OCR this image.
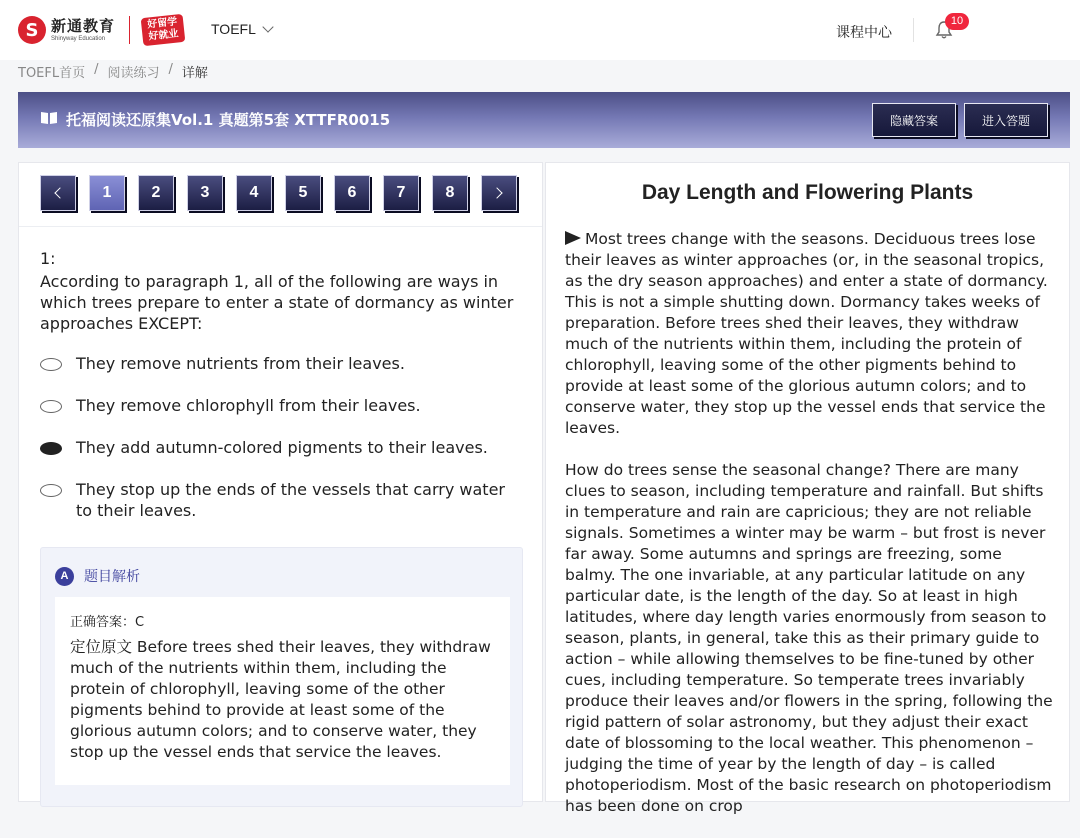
S 新通教育
Shinyway Education
好留学 好就业	TOEFL	课程中心
10
TOEFL首页 / 阅读练习 / 详解
托福阅读还原集Vol.1 真题第5套 XTTFR0015	隐藏答案	进入答题
1	2	3	4	5	6	7	8
1:
According to paragraph 1, all of the following are ways in which trees prepare to enter a state of dormancy as winter approaches EXCEPT:
They remove nutrients from their leaves.
They remove chlorophyll from their leaves.
They add autumn-colored pigments to their leaves.
They stop up the ends of the vessels that carry water to their leaves.
A	题目解析
正确答案：C
定位原文 Before trees shed their leaves, they withdraw much of the nutrients within them, including the protein of chlorophyll, leaving some of the other pigments behind to provide at least some of the glorious autumn colors; and to conserve water, they stop up the vessel ends that service the leaves.
Day Length and Flowering Plants

Most trees change with the seasons. Deciduous trees lose their leaves as winter approaches (or, in the seasonal tropics, as the dry season approaches) and enter a state of dormancy. This is not a simple shutting down. Dormancy takes weeks of preparation. Before trees shed their leaves, they withdraw much of the nutrients within them, including the protein of chlorophyll, leaving some of the other pigments behind to provide at least some of the glorious autumn colors; and to conserve water, they stop up the vessel ends that service the leaves.

How do trees sense the seasonal change? There are many clues to season, including temperature and rainfall. But shifts in temperature and rain are capricious; they are not reliable signals. Sometimes a winter may be warm – but frost is never far away. Some autumns and springs are freezing, some balmy. The one invariable, at any particular latitude on any particular date, is the length of the day. So at least in high latitudes, where day length varies enormously from season to season, plants, in general, take this as their primary guide to action – while allowing themselves to be fine-tuned by other cues, including temperature. So temperate trees invariably produce their leaves and/or flowers in the spring, following the rigid pattern of solar astronomy, but they adjust their exact date of blossoming to the local weather. This phenomenon – judging the time of year by the length of day – is called photoperiodism. Most of the basic research on photoperiodism has been done on crop
